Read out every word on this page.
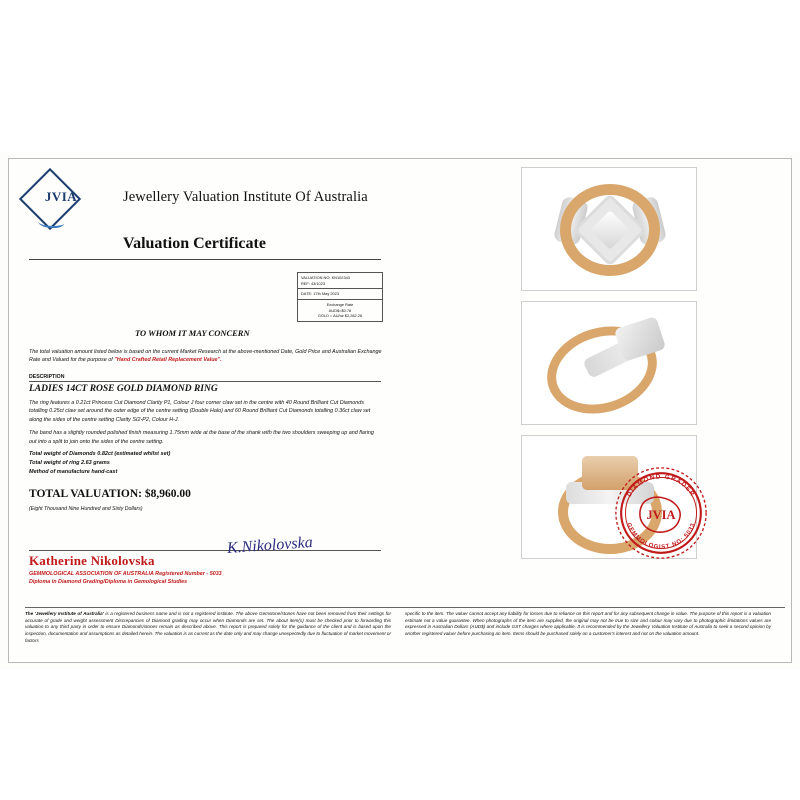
JVIA	Jewellery Valuation Institute Of Australia
Valuation Certificate
VALUATION NO: KN102343
REF: 43/1023
DATE: 17th May 2023
Exchange Rate
AUD$=$0.78
GOLD = AU/oz $2,282.26
TO WHOM IT MAY CONCERN
The total valuation amount listed below is based on the current Market Research at the above-mentioned Date, Gold Price and Australian Exchange Rate and Valued for the purpose of "Hand Crafted Retail Replacement Value".
DESCRIPTION
LADIES 14CT ROSE GOLD DIAMOND RING

The ring features a 0.21ct Princess Cut Diamond Clarity P1, Colour J four corner claw set in the centre with 40 Round Brilliant Cut Diamonds totalling 0.25ct claw set around the outer edge of the centre setting (Double Halo) and 60 Round Brilliant Cut Diamonds totalling 0.36ct claw set along the sides of the centre setting Clarity SI2-P2, Colour H-J.

The band has a slightly rounded polished finish measuring 1.75mm wide at the base of the shank with the two shoulders sweeping up and flaring out into a split to join onto the sides of the centre setting.

Total weight of Diamonds 0.82ct (estimated whilst set)
Total weight of ring 2.63 grams
Method of manufacture hand-cast
TOTAL VALUATION: $8,960.00
(Eight Thousand Nine Hundred and Sixty Dollars)
K.Nikolovska
Katherine Nikolovska
GEMMOLOGICAL ASSOCIATION OF AUSTRALIA Registered Number - 5033
Diploma in Diamond Grading/Diploma in Gemological Studies
JVIA
DIAMOND GRADER
GEMMOLOGIST NO: 5033
The 'Jewellery Institute of Australia' is a registered business name and is not a registered institute. The above Gemstone/stones have not been removed from their settings for accurate of grade and weight assessment Discrepancies of Diamond grading may occur when Diamonds are set. The about item(s) must be checked prior to forwarding this valuation to any third party in order to ensure Diamonds/stones remain as described above. This report is prepared solely for the guidance of the client and is based upon the inspection, documentation and assumptions as detailed herein. The valuation is as current as the date only and may change unexpectedly due to fluctuation of market movement or factors
specific to the item. The valuer cannot accept any liability for losses due to reliance on this report and for any subsequent change in value. The purpose of this report is a valuation estimate not a value guarantee. When photographs of the item are supplied, the original may not be true to size and colour may vary due to photographic limitations values are expressed in Australian Dollars (AUD$) and include GST charges where applicable. It is recommended by the Jewellery Valuation Institute of Australia to seek a second opinion by another registered valuer before purchasing an item. Items should be purchased solely on a customer's interest and not on the valuation amount.
